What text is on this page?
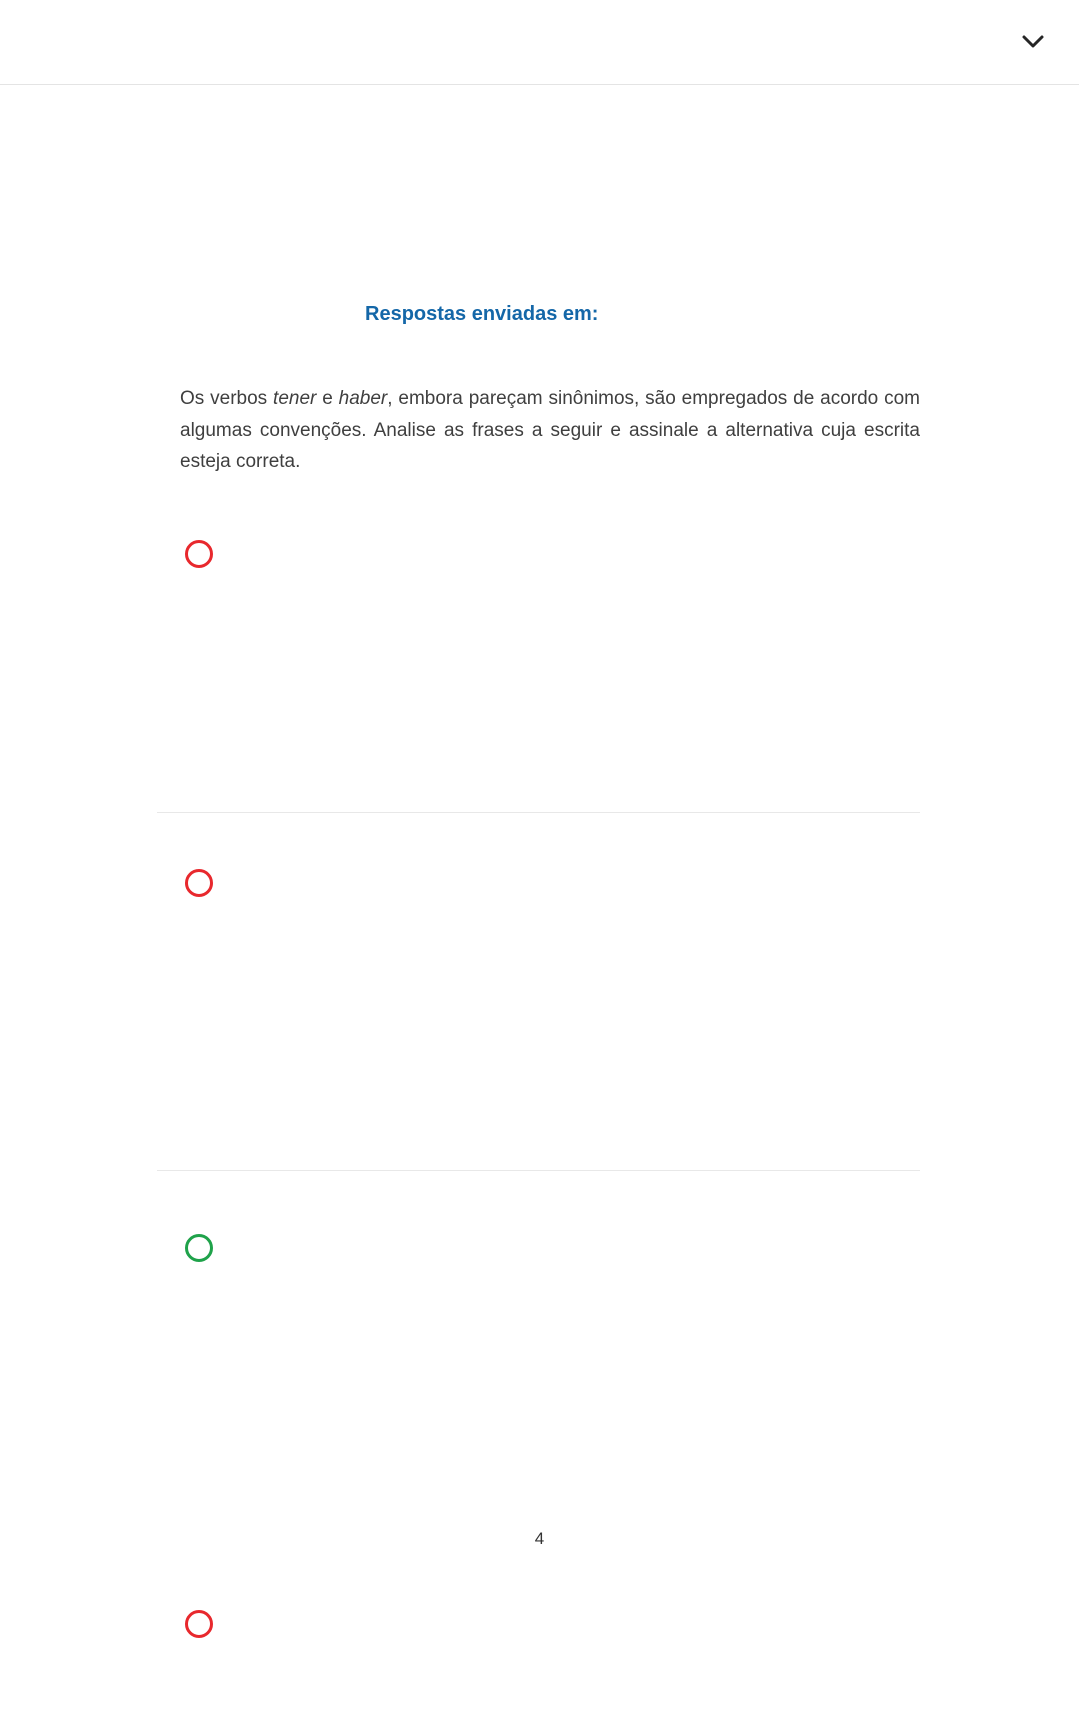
Respostas enviadas em:

Os verbos tener e haber, embora pareçam sinônimos, são empregados de acordo com algumas convenções. Analise as frases a seguir e assinale a alternativa cuja escrita esteja correta.

4
